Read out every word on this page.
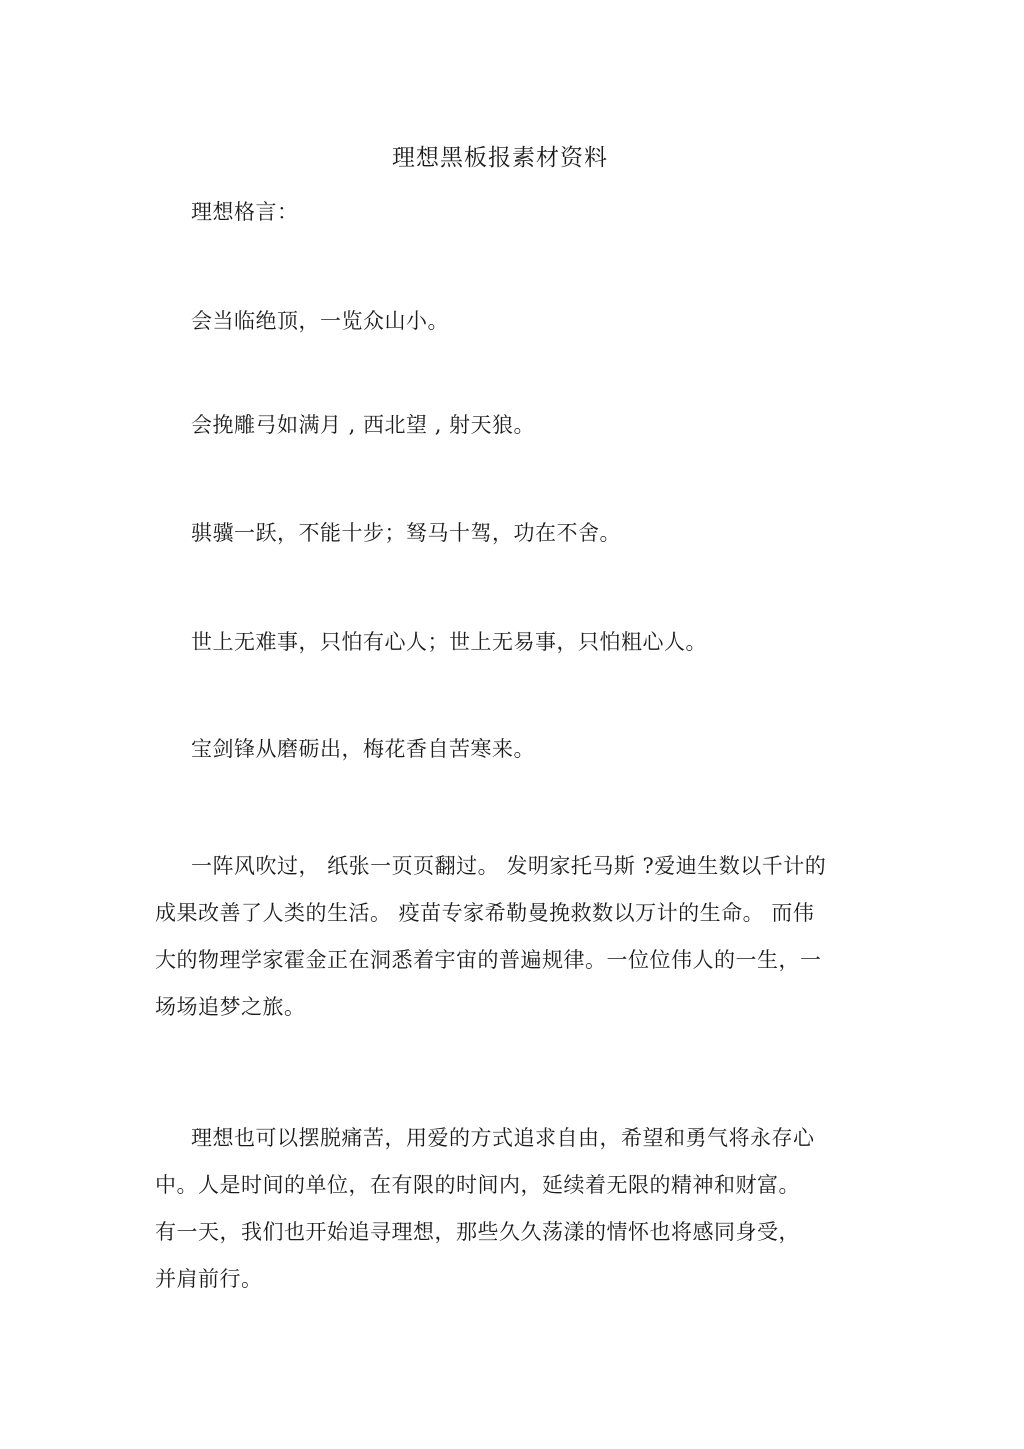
理想黑板报素材资料
理想格言：
会当临绝顶，一览众山小。
会挽雕弓如满月 , 西北望 , 射天狼。
骐骥一跃，不能十步；驽马十驾，功在不舍。
世上无难事，只怕有心人；世上无易事，只怕粗心人。
宝剑锋从磨砺出，梅花香自苦寒来。
一阵风吹过， 纸张一页页翻过。 发明家托马斯 ?爱迪生数以千计的
成果改善了人类的生活。 疫苗专家希勒曼挽救数以万计的生命。 而伟
大的物理学家霍金正在洞悉着宇宙的普遍规律。一位位伟人的一生，一
场场追梦之旅。
理想也可以摆脱痛苦，用爱的方式追求自由，希望和勇气将永存心
中。人是时间的单位，在有限的时间内，延续着无限的精神和财富。
有一天，我们也开始追寻理想，那些久久荡漾的情怀也将感同身受，
并肩前行。
